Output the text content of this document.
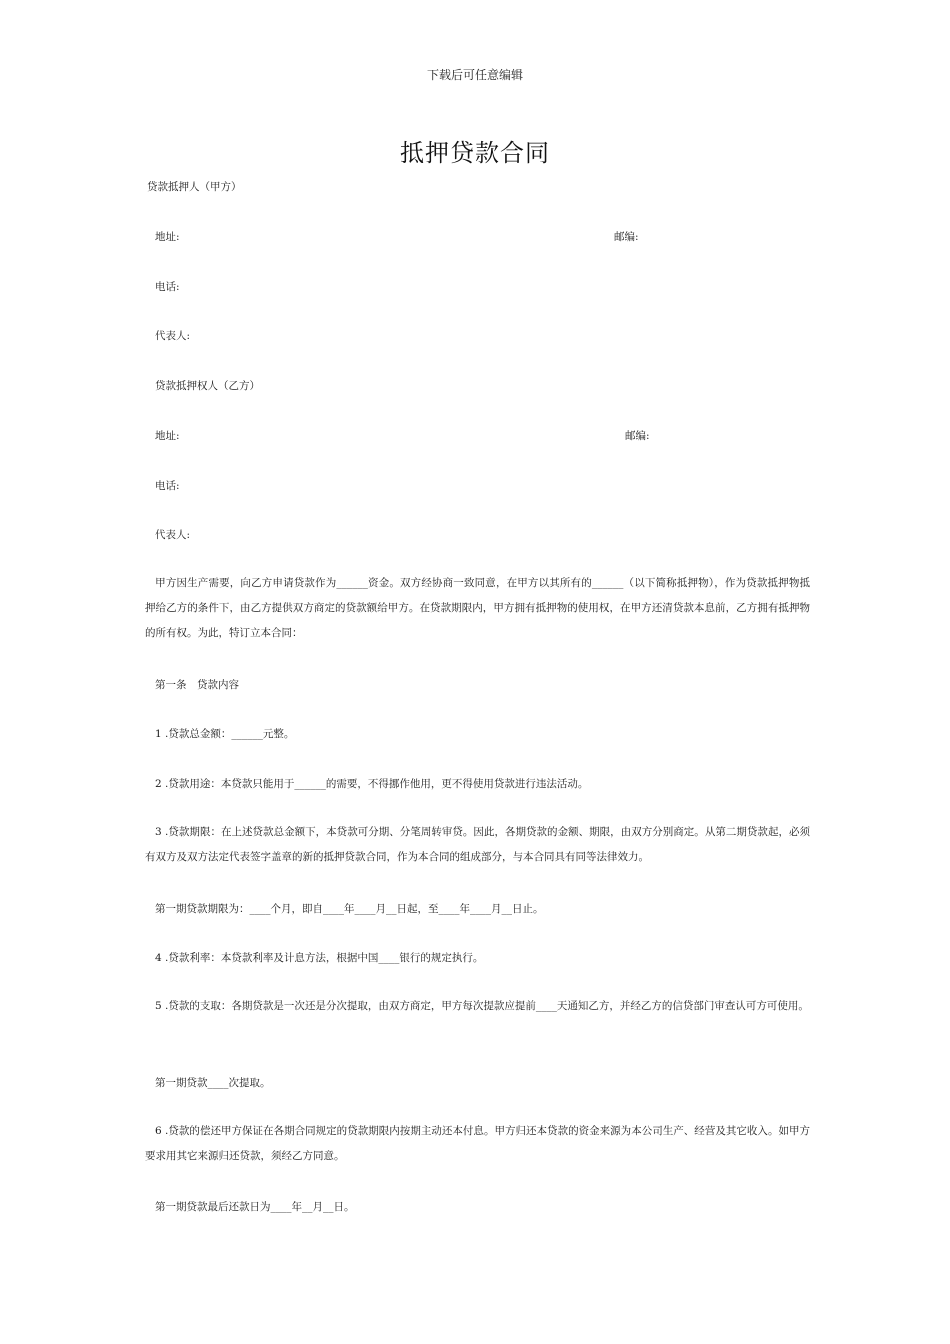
下载后可任意编辑
抵押贷款合同
贷款抵押人（甲方）
地址:	邮编:
电话:
代表人:
贷款抵押权人（乙方）
地址:	邮编:
电话:
代表人:
甲方因生产需要，向乙方申请贷款作为______资金。双方经协商一致同意，在甲方以其所有的______（以下简称抵押物），作为贷款抵押物抵押给乙方的条件下，由乙方提供双方商定的贷款额给甲方。在贷款期限内，甲方拥有抵押物的使用权，在甲方还清贷款本息前，乙方拥有抵押物的所有权。为此，特订立本合同：
第一条　贷款内容
1 .贷款总金额：______元整。
2 .贷款用途：本贷款只能用于______的需要，不得挪作他用，更不得使用贷款进行违法活动。
3 .贷款期限：在上述贷款总金额下，本贷款可分期、分笔周转审贷。因此，各期贷款的金额、期限，由双方分别商定。从第二期贷款起，必须有双方及双方法定代表签字盖章的新的抵押贷款合同，作为本合同的组成部分，与本合同具有同等法律效力。
第一期贷款期限为：____个月，即自____年____月__日起，至____年____月__日止。
4 .贷款利率：本贷款利率及计息方法，根据中国____银行的规定执行。
5 .贷款的支取：各期贷款是一次还是分次提取，由双方商定，甲方每次提款应提前____天通知乙方，并经乙方的信贷部门审查认可方可使用。
第一期贷款____次提取。
6 .贷款的偿还甲方保证在各期合同规定的贷款期限内按期主动还本付息。甲方归还本贷款的资金来源为本公司生产、经营及其它收入。如甲方要求用其它来源归还贷款，须经乙方同意。
第一期贷款最后还款日为____年__月__日。
